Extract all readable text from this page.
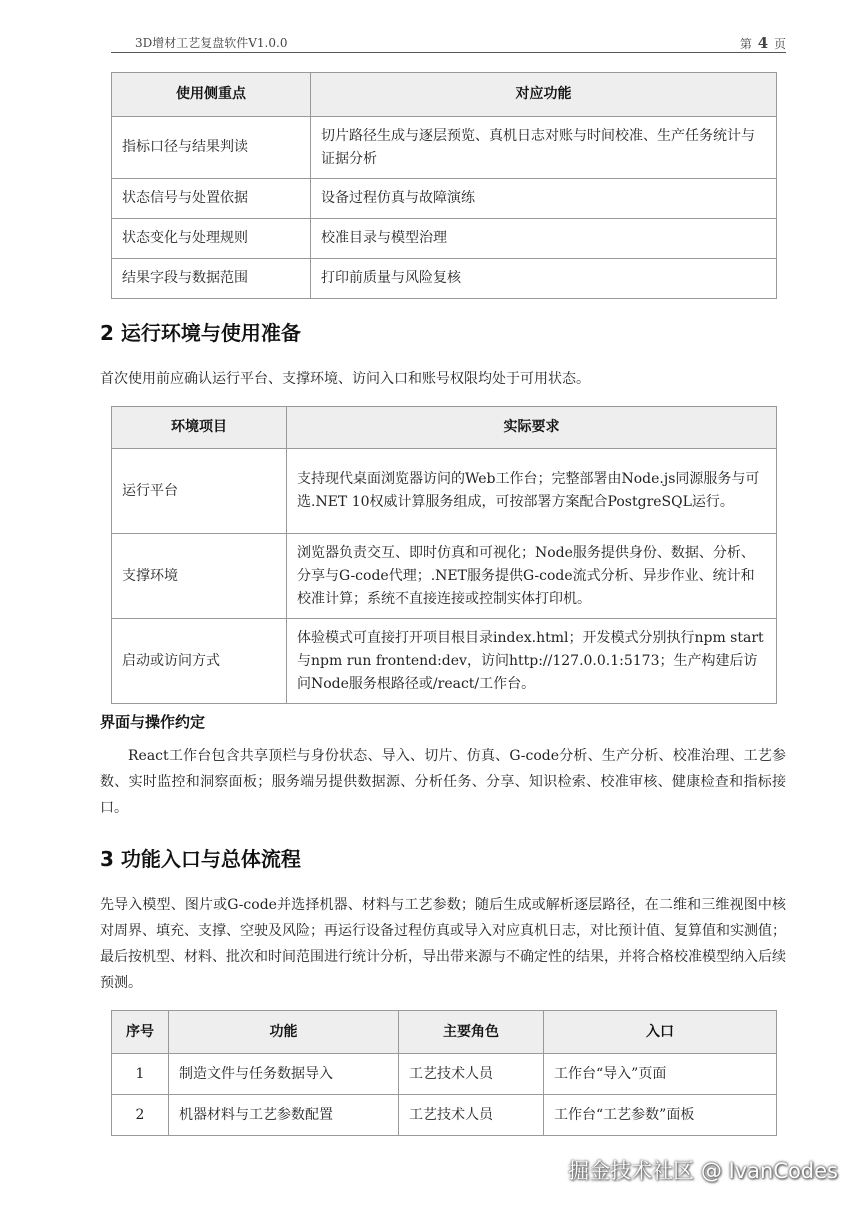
3D增材工艺复盘软件V1.0.0	第 4 页
使用侧重点	对应功能
指标口径与结果判读	切片路径生成与逐层预览、真机日志对账与时间校准、生产任务统计与证据分析
状态信号与处置依据	设备过程仿真与故障演练
状态变化与处理规则	校准目录与模型治理
结果字段与数据范围	打印前质量与风险复核
2 运行环境与使用准备

首次使用前应确认运行平台、支撑环境、访问入口和账号权限均处于可用状态。

环境项目	实际要求
运行平台	支持现代桌面浏览器访问的Web工作台；完整部署由Node.js同源服务与可选.NET 10权威计算服务组成，可按部署方案配合PostgreSQL运行。
支撑环境	浏览器负责交互、即时仿真和可视化；Node服务提供身份、数据、分析、分享与G-code代理；.NET服务提供G-code流式分析、异步作业、统计和校准计算；系统不直接连接或控制实体打印机。
启动或访问方式	体验模式可直接打开项目根目录index.html；开发模式分别执行npm start与npm run frontend:dev，访问http://127.0.0.1:5173；生产构建后访问Node服务根路径或/react/工作台。
界面与操作约定

React工作台包含共享顶栏与身份状态、导入、切片、仿真、G-code分析、生产分析、校准治理、工艺参数、实时监控和洞察面板；服务端另提供数据源、分析任务、分享、知识检索、校准审核、健康检查和指标接口。

3 功能入口与总体流程

先导入模型、图片或G-code并选择机器、材料与工艺参数；随后生成或解析逐层路径，在二维和三维视图中核对周界、填充、支撑、空驶及风险；再运行设备过程仿真或导入对应真机日志，对比预计值、复算值和实测值；最后按机型、材料、批次和时间范围进行统计分析，导出带来源与不确定性的结果，并将合格校准模型纳入后续预测。

序号	功能	主要角色	入口
1	制造文件与任务数据导入	工艺技术人员	工作台“导入”页面
2	机器材料与工艺参数配置	工艺技术人员	工作台“工艺参数”面板
掘金技术社区 @ IvanCodes
